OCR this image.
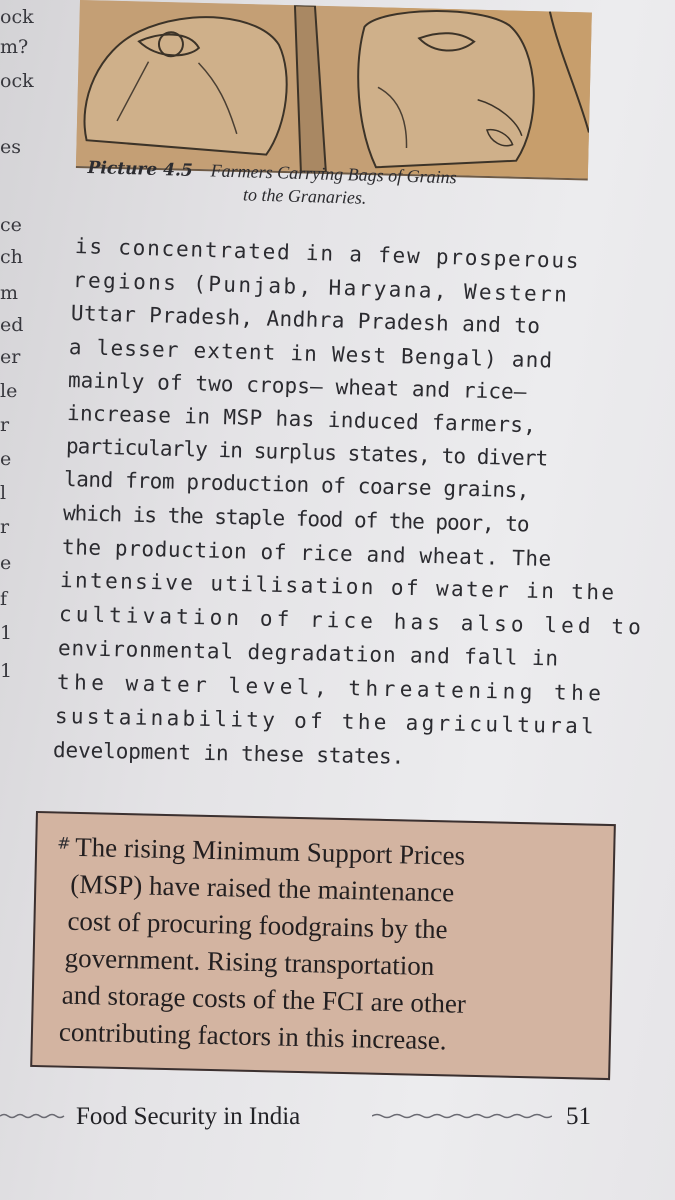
ock
m?
ock
es
ce
ch
m
ed
er
le
r
e
l
r
e
f
1
1
Picture 4.5 Farmers Carrying Bags of Grains
to the Granaries.
is concentrated in a few prosperous
regions (Punjab, Haryana, Western
Uttar Pradesh, Andhra Pradesh and to
a lesser extent in West Bengal) and
mainly of two crops— wheat and rice—
increase in MSP has induced farmers,
particularly in surplus states, to divert
land from production of coarse grains,
which is the staple food of the poor, to
the production of rice and wheat. The
intensive utilisation of water in the
cultivation of rice has also led to
environmental degradation and fall in
the water level, threatening the
sustainability of the agricultural
development in these states.
# The rising Minimum Support Prices
(MSP) have raised the maintenance
cost of procuring foodgrains by the
government. Rising transportation
and storage costs of the FCI are other
contributing factors in this increase.
Food Security in India	51
